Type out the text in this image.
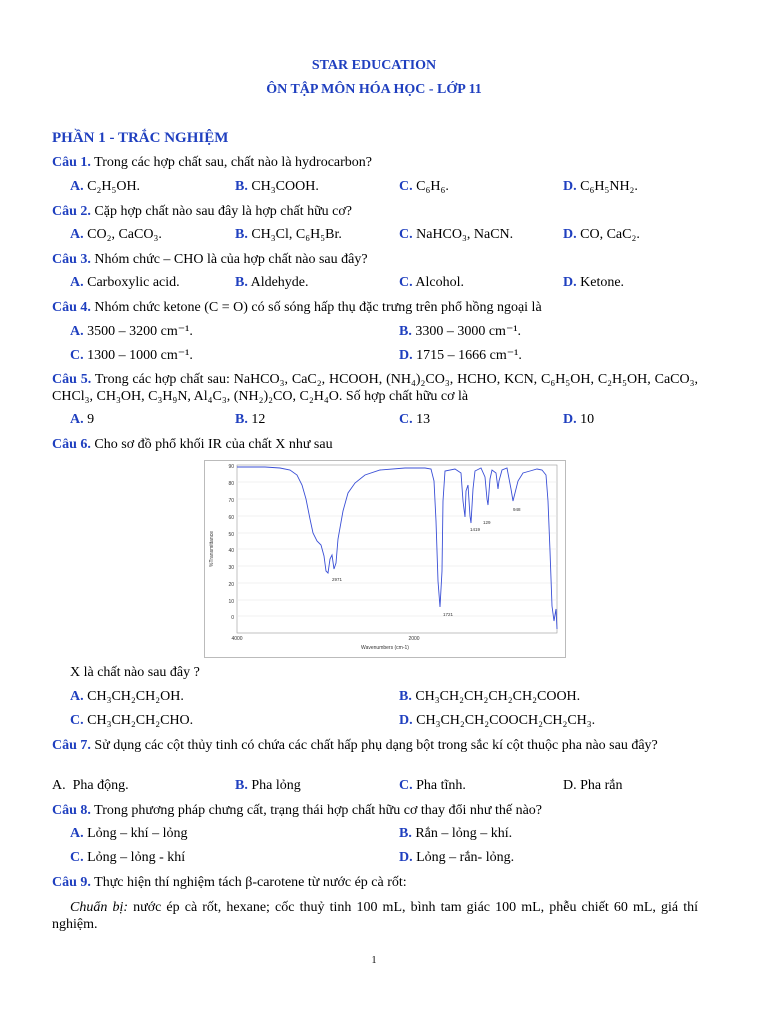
STAR EDUCATION
ÔN TẬP MÔN HÓA HỌC - LỚP 11
PHẦN 1 - TRẮC NGHIỆM
Câu 1. Trong các hợp chất sau, chất nào là hydrocarbon?
A. C₂H₅OH.	B. CH₃COOH.	C. C₆H₆.	D. C₆H₅NH₂.
Câu 2. Cặp hợp chất nào sau đây là hợp chất hữu cơ?
A. CO₂, CaCO₃.	B. CH₃Cl, C₆H₅Br.	C. NaHCO₃, NaCN.	D. CO, CaC₂.
Câu 3. Nhóm chức – CHO là của hợp chất nào sau đây?
A. Carboxylic acid.	B. Aldehyde.	C. Alcohol.	D. Ketone.
Câu 4. Nhóm chức ketone (C = O) có số sóng hấp thụ đặc trưng trên phổ hồng ngoại là
A. 3500 – 3200 cm⁻¹.	B. 3300 – 3000 cm⁻¹.
C. 1300 – 1000 cm⁻¹.	D. 1715 – 1666 cm⁻¹.
Câu 5. Trong các hợp chất sau: NaHCO₃, CaC₂, HCOOH, (NH₄)₂CO₃, HCHO, KCN, C₆H₅OH, C₂H₅OH, CaCO₃, CHCl₃, CH₃OH, C₃H₉N, Al₄C₃, (NH₂)₂CO, C₂H₄O. Số hợp chất hữu cơ là
A. 9	B. 12	C. 13	D. 10
Câu 6. Cho sơ đồ phổ khối IR của chất X như sau
90
80
70
60
50
40
30
20
10
0
4000	2000
Wavenumbers (cm-1)
%Transmittance
2971
1721
1419
129
948
X là chất nào sau đây ?
A. CH₃CH₂CH₂OH.	B. CH₃CH₂CH₂CH₂CH₂COOH.
C. CH₃CH₂CH₂CHO.	D. CH₃CH₂CH₂COOCH₂CH₂CH₃.
Câu 7. Sử dụng các cột thủy tinh có chứa các chất hấp phụ dạng bột trong sắc kí cột thuộc pha nào sau đây?
A. Pha động.	B. Pha lỏng	C. Pha tĩnh.	D. Pha rắn
Câu 8. Trong phương pháp chưng cất, trạng thái hợp chất hữu cơ thay đổi như thế nào?
A. Lỏng – khí – lỏng	B. Rắn – lỏng – khí.
C. Lỏng – lỏng - khí	D. Lỏng – rắn- lỏng.
Câu 9. Thực hiện thí nghiệm tách β-carotene từ nước ép cà rốt:
Chuẩn bị: nước ép cà rốt, hexane; cốc thuỷ tinh 100 mL, bình tam giác 100 mL, phễu chiết 60 mL, giá thí nghiệm.
1
